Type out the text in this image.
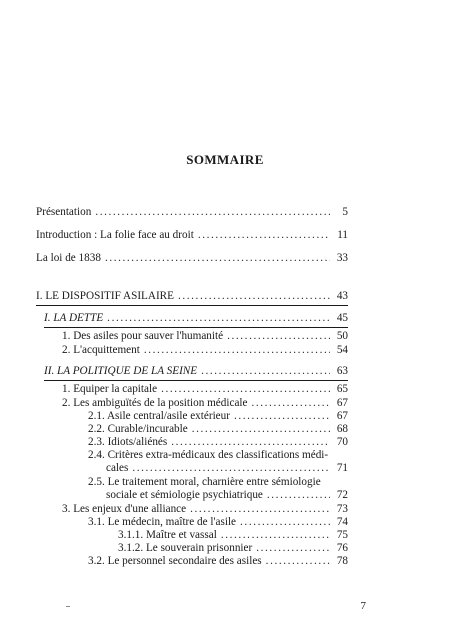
SOMMAIRE
Présentation . . .	5
Introduction : La folie face au droit . . .	11
La loi de 1838 . . .	33
I. LE DISPOSITIF ASILAIRE . . .	43
I. LA DETTE . . .	45
1. Des asiles pour sauver l'humanité . . .	50
2. L'acquittement . . .	54
II. LA POLITIQUE DE LA SEINE . . .	63
1. Equiper la capitale . . .	65
2. Les ambiguïtés de la position médicale . . .	67
2.1. Asile central/asile extérieur . . .	67
2.2. Curable/incurable . . .	68
2.3. Idiots/aliénés . . .	70
2.4. Critères extra-médicaux des classifications médi-
cales . . .	71
2.5. Le traitement moral, charnière entre sémiologie
sociale et sémiologie psychiatrique . . .	72
3. Les enjeux d'une alliance . . .	73
3.1. Le médecin, maître de l'asile . . .	74
3.1.1. Maître et vassal . . .	75
3.1.2. Le souverain prisonnier . . .	76
3.2. Le personnel secondaire des asiles . . .	78
7
